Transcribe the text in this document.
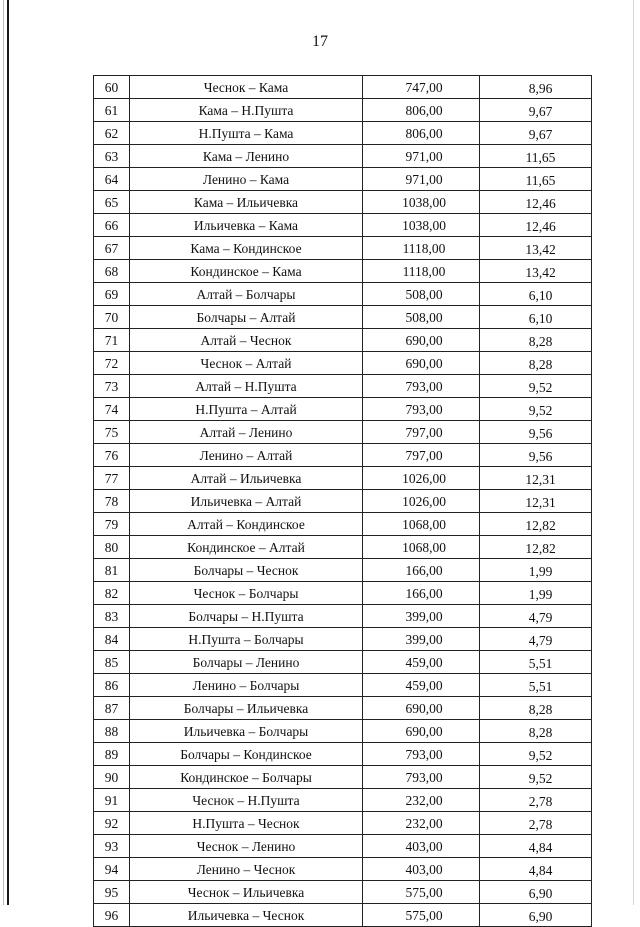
17
60	Чеснок – Кама	747,00	8,96
61	Кама – Н.Пушта	806,00	9,67
62	Н.Пушта – Кама	806,00	9,67
63	Кама – Ленино	971,00	11,65
64	Ленино – Кама	971,00	11,65
65	Кама – Ильичевка	1038,00	12,46
66	Ильичевка – Кама	1038,00	12,46
67	Кама – Кондинское	1118,00	13,42
68	Кондинское – Кама	1118,00	13,42
69	Алтай – Болчары	508,00	6,10
70	Болчары – Алтай	508,00	6,10
71	Алтай – Чеснок	690,00	8,28
72	Чеснок – Алтай	690,00	8,28
73	Алтай – Н.Пушта	793,00	9,52
74	Н.Пушта – Алтай	793,00	9,52
75	Алтай – Ленино	797,00	9,56
76	Ленино – Алтай	797,00	9,56
77	Алтай – Ильичевка	1026,00	12,31
78	Ильичевка – Алтай	1026,00	12,31
79	Алтай – Кондинское	1068,00	12,82
80	Кондинское – Алтай	1068,00	12,82
81	Болчары – Чеснок	166,00	1,99
82	Чеснок – Болчары	166,00	1,99
83	Болчары – Н.Пушта	399,00	4,79
84	Н.Пушта – Болчары	399,00	4,79
85	Болчары – Ленино	459,00	5,51
86	Ленино – Болчары	459,00	5,51
87	Болчары – Ильичевка	690,00	8,28
88	Ильичевка – Болчары	690,00	8,28
89	Болчары – Кондинское	793,00	9,52
90	Кондинское – Болчары	793,00	9,52
91	Чеснок – Н.Пушта	232,00	2,78
92	Н.Пушта – Чеснок	232,00	2,78
93	Чеснок – Ленино	403,00	4,84
94	Ленино – Чеснок	403,00	4,84
95	Чеснок – Ильичевка	575,00	6,90
96	Ильичевка – Чеснок	575,00	6,90
